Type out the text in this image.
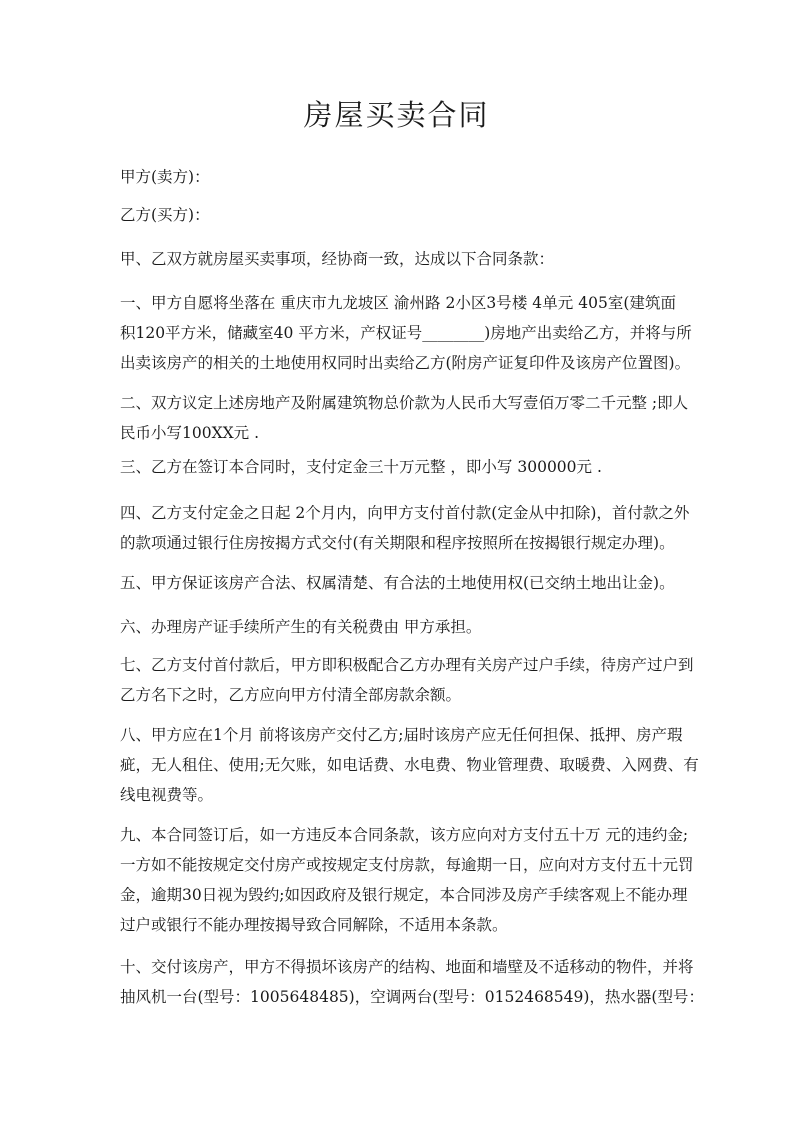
房屋买卖合同
甲方(卖方)：
乙方(买方)：
甲、乙双方就房屋买卖事项，经协商一致，达成以下合同条款：
一、甲方自愿将坐落在 重庆市九龙坡区 渝州路 2小区3号楼 4单元 405室(建筑面
积120平方米，储藏室40 平方米，产权证号________)房地产出卖给乙方，并将与所
出卖该房产的相关的土地使用权同时出卖给乙方(附房产证复印件及该房产位置图)。
二、双方议定上述房地产及附属建筑物总价款为人民币大写壹佰万零二千元整 ;即人
民币小写100XX元 .
三、乙方在签订本合同时，支付定金三十万元整 ，即小写 300000元 .
四、乙方支付定金之日起 2个月内，向甲方支付首付款(定金从中扣除)，首付款之外
的款项通过银行住房按揭方式交付(有关期限和程序按照所在按揭银行规定办理)。
五、甲方保证该房产合法、权属清楚、有合法的土地使用权(已交纳土地出让金)。
六、办理房产证手续所产生的有关税费由 甲方承担。
七、乙方支付首付款后，甲方即积极配合乙方办理有关房产过户手续，待房产过户到
乙方名下之时，乙方应向甲方付清全部房款余额。
八、甲方应在1个月 前将该房产交付乙方;届时该房产应无任何担保、抵押、房产瑕
疵，无人租住、使用;无欠账，如电话费、水电费、物业管理费、取暖费、入网费、有
线电视费等。
九、本合同签订后，如一方违反本合同条款，该方应向对方支付五十万 元的违约金;
一方如不能按规定交付房产或按规定支付房款，每逾期一日，应向对方支付五十元罚
金，逾期30日视为毁约;如因政府及银行规定，本合同涉及房产手续客观上不能办理
过户或银行不能办理按揭导致合同解除，不适用本条款。
十、交付该房产，甲方不得损坏该房产的结构、地面和墙壁及不适移动的物件，并将
抽风机一台(型号：1005648485)，空调两台(型号：0152468549)，热水器(型号：
